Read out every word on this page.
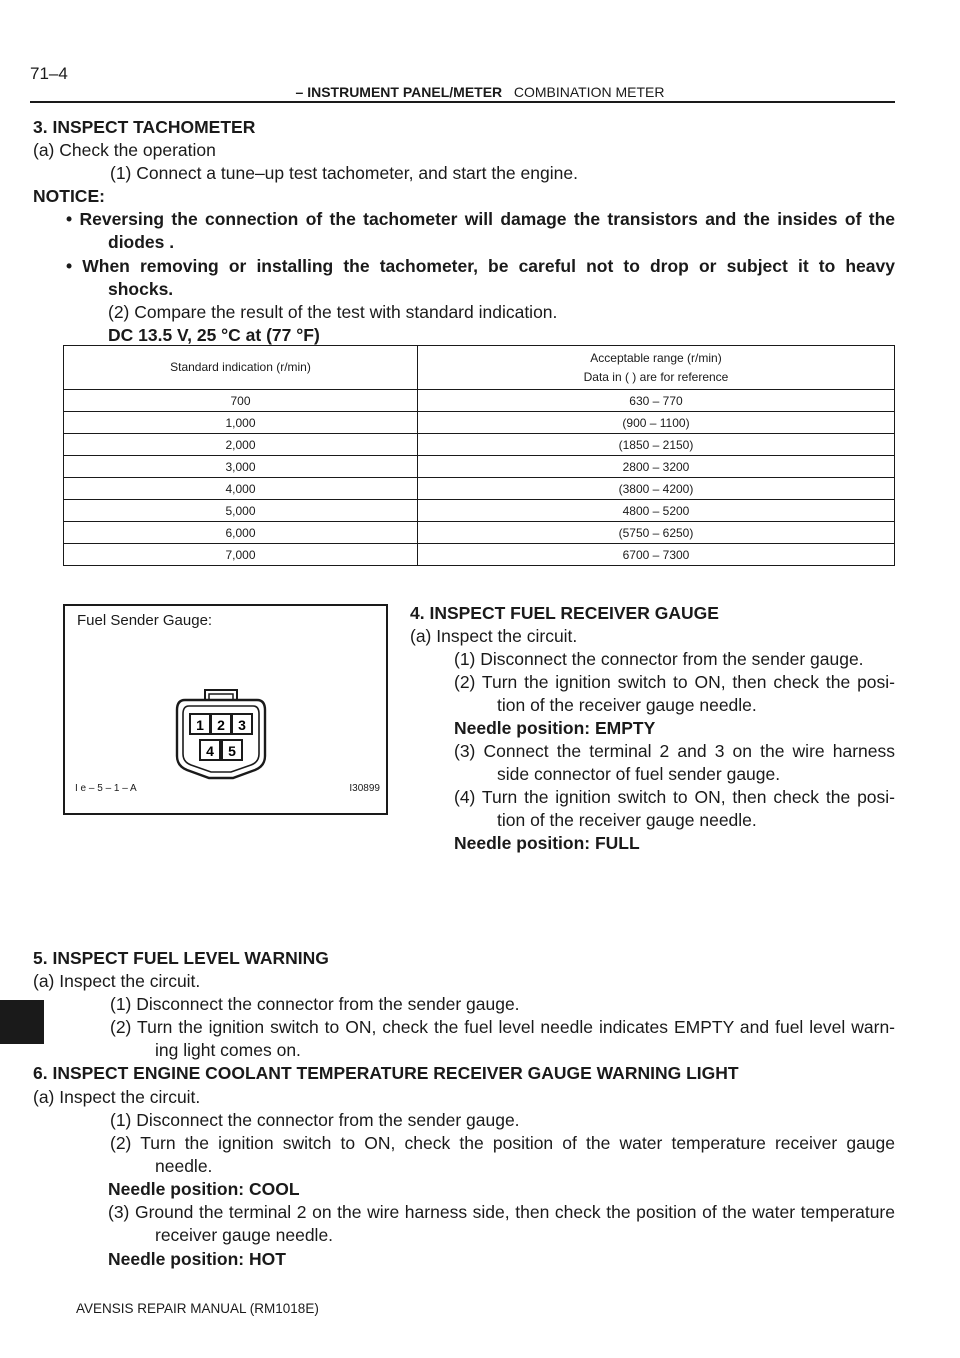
71–4
– INSTRUMENT PANEL/METER COMBINATION METER
3. INSPECT TACHOMETER
(a) Check the operation
(1) Connect a tune–up test tachometer, and start the engine.
NOTICE:
• Reversing the connection of the tachometer will damage the transistors and the insides of the
diodes .
• When removing or installing the tachometer, be careful not to drop or subject it to heavy
shocks.
(2) Compare the result of the test with standard indication.
DC 13.5 V, 25 °C at (77 °F)
Standard indication (r/min)	Acceptable range (r/min)
Data in ( ) are for reference

700	630 – 770
1,000	(900 – 1100)
2,000	(1850 – 2150)
3,000	2800 – 3200
4,000	(3800 – 4200)
5,000	4800 – 5200
6,000	(5750 – 6250)
7,000	6700 – 7300
Fuel Sender Gauge:
1 2 3
4 5
I e – 5 – 1 – A	I30899
4. INSPECT FUEL RECEIVER GAUGE
(a) Inspect the circuit.
(1) Disconnect the connector from the sender gauge.
(2) Turn the ignition switch to ON, then check the posi-
tion of the receiver gauge needle.
Needle position: EMPTY
(3) Connect the terminal 2 and 3 on the wire harness
side connector of fuel sender gauge.
(4) Turn the ignition switch to ON, then check the posi-
tion of the receiver gauge needle.
Needle position: FULL
5. INSPECT FUEL LEVEL WARNING
(a) Inspect the circuit.
(1) Disconnect the connector from the sender gauge.
(2) Turn the ignition switch to ON, check the fuel level needle indicates EMPTY and fuel level warn-
ing light comes on.
6. INSPECT ENGINE COOLANT TEMPERATURE RECEIVER GAUGE WARNING LIGHT
(a) Inspect the circuit.
(1) Disconnect the connector from the sender gauge.
(2) Turn the ignition switch to ON, check the position of the water temperature receiver gauge
needle.
Needle position: COOL
(3) Ground the terminal 2 on the wire harness side, then check the position of the water temperature
receiver gauge needle.
Needle position: HOT
AVENSIS REPAIR MANUAL (RM1018E)
